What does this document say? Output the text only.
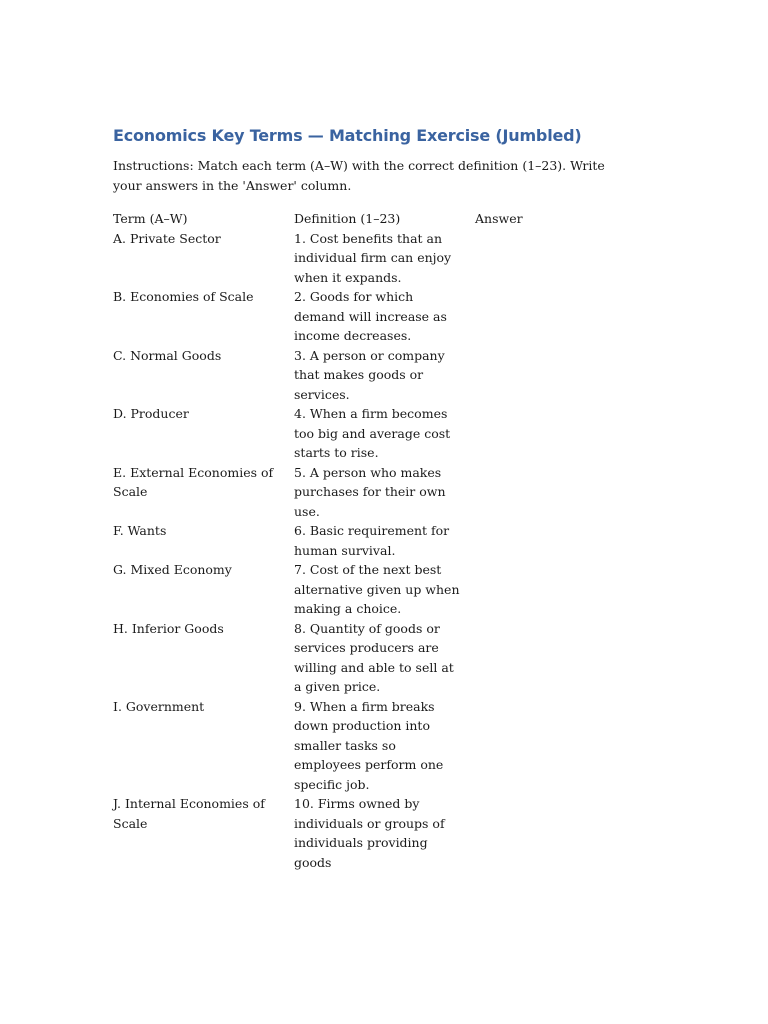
Economics Key Terms — Matching Exercise (Jumbled)
Instructions: Match each term (A–W) with the correct definition (1–23). Write your answers in the 'Answer' column.
Term (A–W)	Definition (1–23)	Answer

A. Private Sector	1. Cost benefits that an individual firm can enjoy when it expands.	

B. Economies of Scale	2. Goods for which demand will increase as income decreases.	

C. Normal Goods	3. A person or company that makes goods or services.	

D. Producer	4. When a firm becomes too big and average cost starts to rise.	

E. External Economies of Scale	5. A person who makes purchases for their own use.	

F. Wants	6. Basic requirement for human survival.	

G. Mixed Economy	7. Cost of the next best alternative given up when making a choice.	

H. Inferior Goods	8. Quantity of goods or services producers are willing and able to sell at a given price.	

I. Government	9. When a firm breaks down production into smaller tasks so employees perform one specific job.	

J. Internal Economies of Scale	10. Firms owned by individuals or groups of individuals providing goods	
